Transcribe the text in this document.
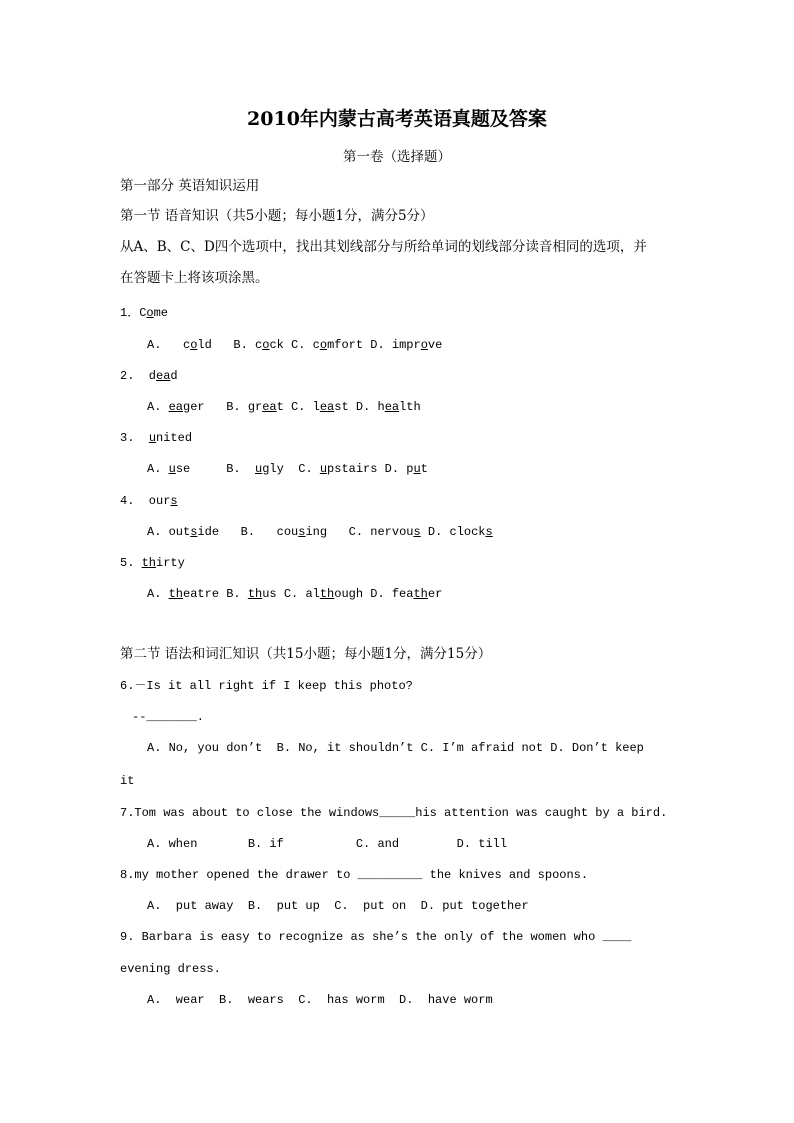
2010年内蒙古高考英语真题及答案
第一卷（选择题）
第一部分 英语知识运用
第一节 语音知识（共5小题；每小题1分，满分5分）
从A、B、C、D四个选项中，找出其划线部分与所给单词的划线部分读音相同的选项，并
在答题卡上将该项涂黑。
1．Come
A.   cold   B. cock C. comfort D. improve
2.  dead
A. eager   B. great C. least D. health
3.  united
A. use     B.  ugly  C. upstairs D. put
4.  ours
A. outside   B.   cousing   C. nervous D. clocks
5. thirty
A. theatre B. thus C. although D. feather
第二节 语法和词汇知识（共15小题；每小题1分，满分15分）
6.－Is it all right if I keep this photo?
--_______.
A. No, you don’t  B. No, it shouldn’t C. I’m afraid not D. Don’t keep
it
7.Tom was about to close the windows_____his attention was caught by a bird.
A. when       B. if          C. and        D. till
8.my mother opened the drawer to _________ the knives and spoons.
A.  put away  B.  put up  C.  put on  D. put together
9. Barbara is easy to recognize as she’s the only of the women who ____
evening dress.
A.  wear  B.  wears  C.  has worm  D.  have worm
